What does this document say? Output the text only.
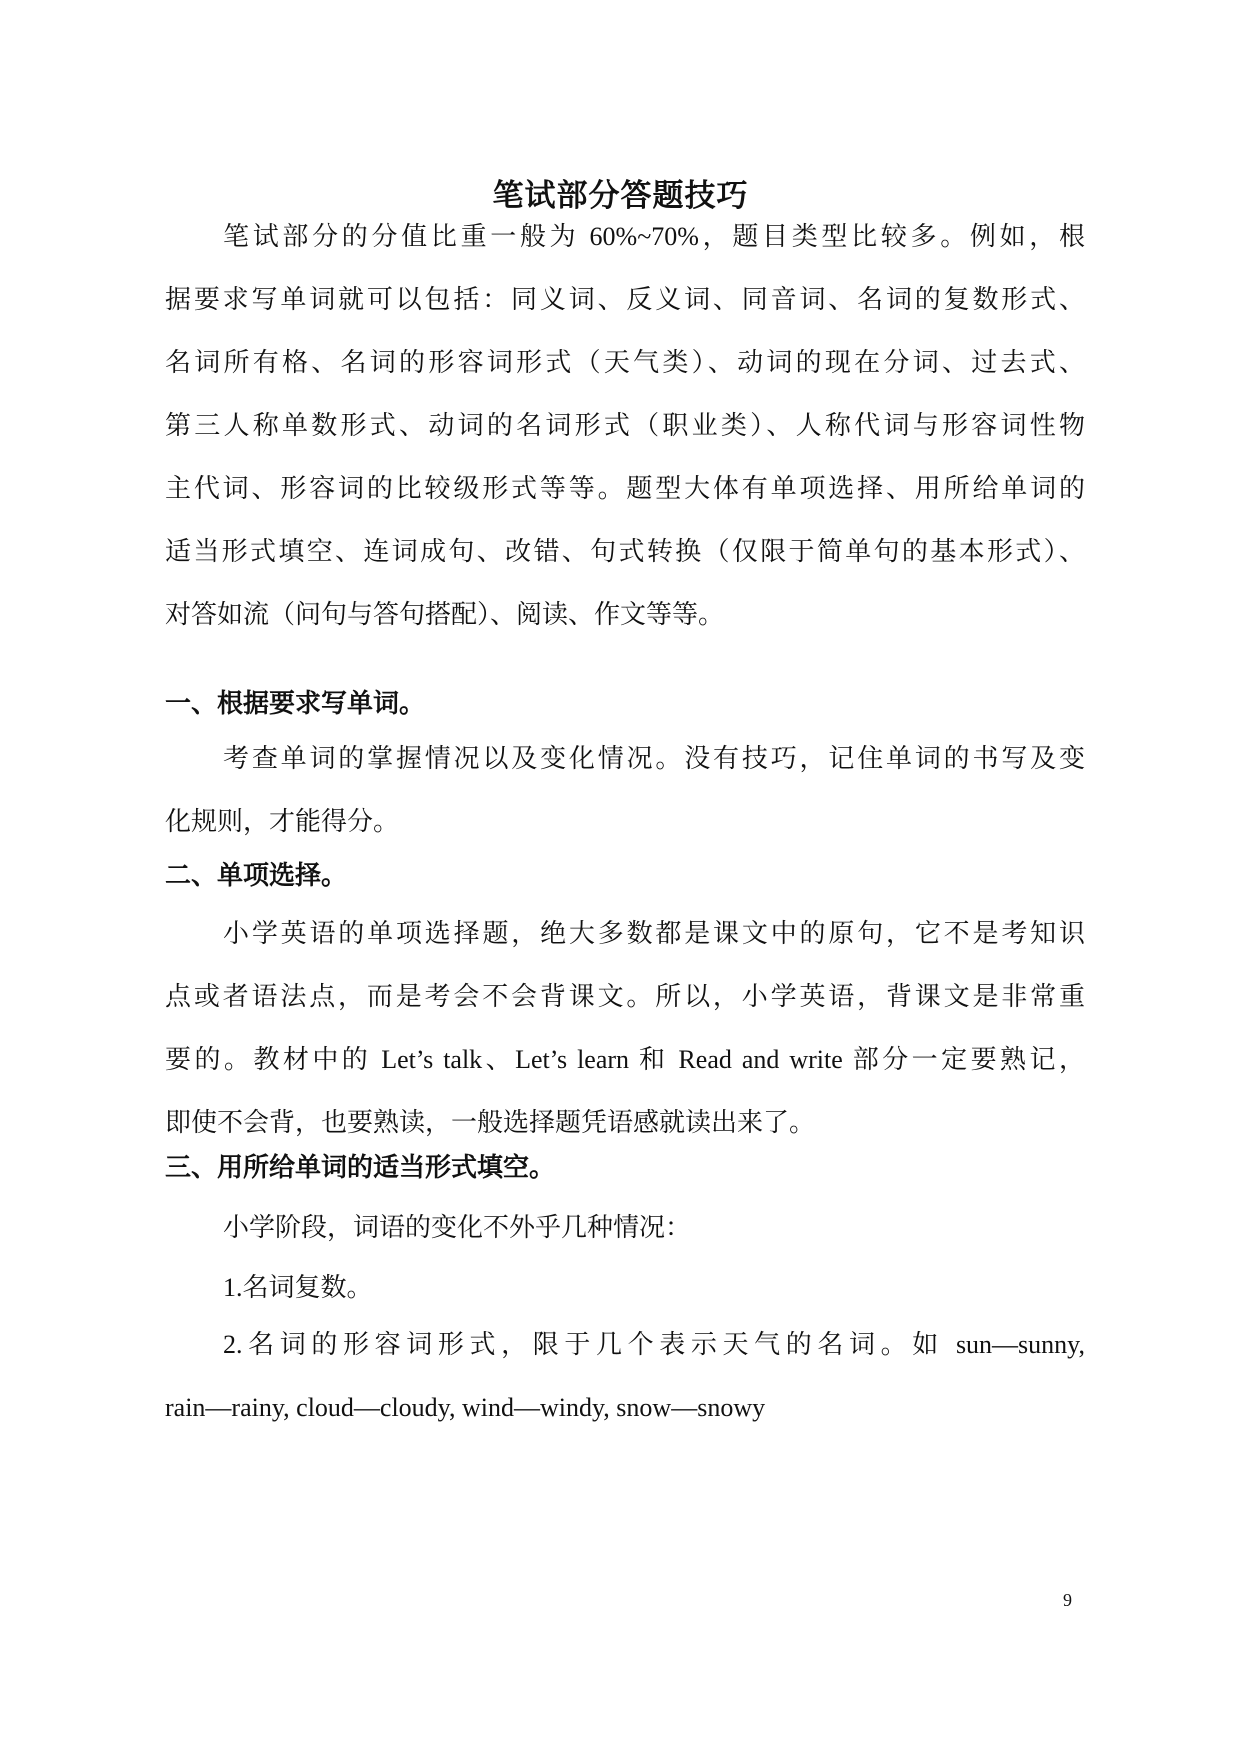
笔试部分答题技巧
笔试部分的分值比重一般为 60%~70%，题目类型比较多。例如，根
据要求写单词就可以包括：同义词、反义词、同音词、名词的复数形式、
名词所有格、名词的形容词形式（天气类）、动词的现在分词、过去式、
第三人称单数形式、动词的名词形式（职业类）、人称代词与形容词性物
主代词、形容词的比较级形式等等。题型大体有单项选择、用所给单词的
适当形式填空、连词成句、改错、句式转换（仅限于简单句的基本形式）、
对答如流（问句与答句搭配）、阅读、作文等等。
一、根据要求写单词。
考查单词的掌握情况以及变化情况。没有技巧，记住单词的书写及变
化规则，才能得分。
二、单项选择。
小学英语的单项选择题，绝大多数都是课文中的原句，它不是考知识
点或者语法点，而是考会不会背课文。所以，小学英语，背课文是非常重
要的。教材中的 Let’s talk、Let’s learn 和 Read and write 部分一定要熟记，
即使不会背，也要熟读，一般选择题凭语感就读出来了。
三、用所给单词的适当形式填空。

小学阶段，词语的变化不外乎几种情况：

1.名词复数。

2.名词的形容词形式，限于几个表示天气的名词。如 sun—sunny,
rain—rainy, cloud—cloudy, wind—windy, snow—snowy

9
